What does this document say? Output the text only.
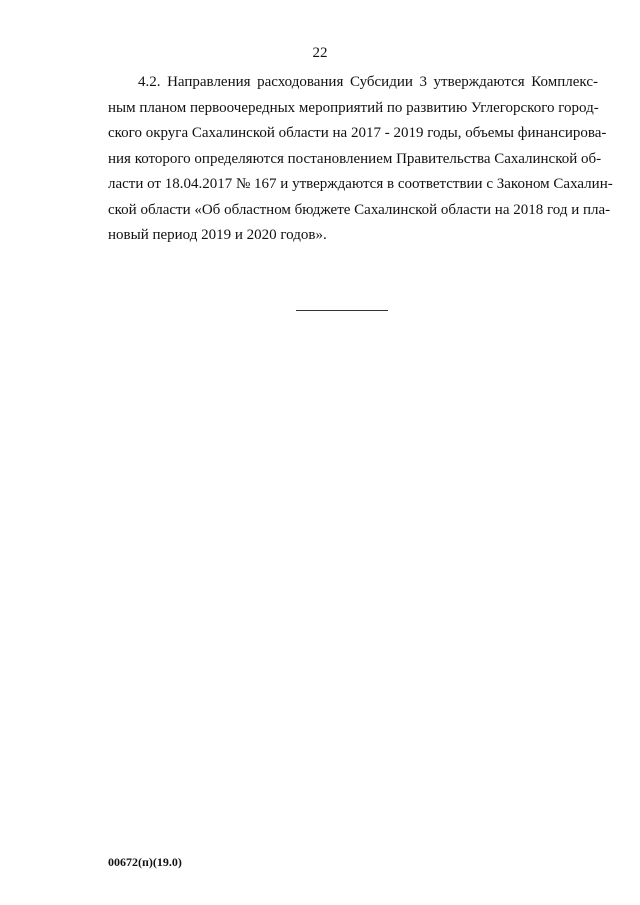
22
4.2. Направления расходования Субсидии 3 утверждаются Комплекс-
ным планом первоочередных мероприятий по развитию Углегорского город-
ского округа Сахалинской области на 2017 - 2019 годы, объемы финансирова-
ния которого определяются постановлением Правительства Сахалинской об-
ласти от 18.04.2017 № 167 и утверждаются в соответствии с Законом Сахалин-
ской области «Об областном бюджете Сахалинской области на 2018 год и пла-
новый период 2019 и 2020 годов».
00672(п)(19.0)
